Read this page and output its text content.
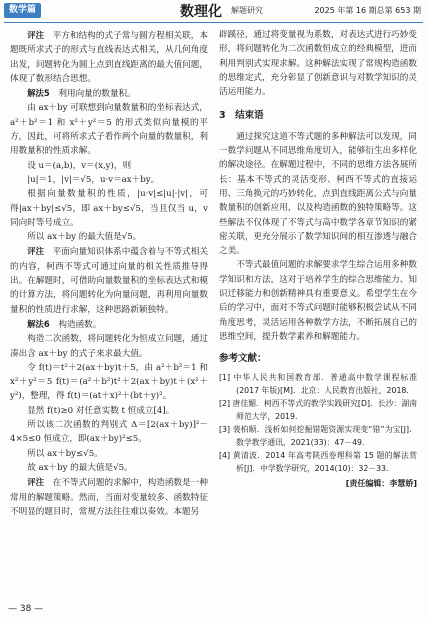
数学篇	数理化 解题研究	2025 年第 16 期总第 653 期

评注　 平方和结构的式子常与圆方程相关联，本题既所求式子的形式与直线表达式相关，从几何角度出发，问题转化为圆上点到直线距离的最大值问题，体现了数形结合思想。

解法5　 利用向量的数量积。

由 ax＋by 可联想到向量数量积的坐标表达式，a²＋b²＝1 和 x²＋y²＝5 的形式类似向量模的平方，因此，可将所求式子看作两个向量的数量积，利用数量积的性质求解。

设 u＝(a,b)，v＝(x,y)，则

|u|＝1，|v|＝√5，u·v＝ax＋by。

根据向量数量积的性质，|u·v|≤|u|·|v|，可得|ax＋by|≤√5，即 ax＋by≤√5，当且仅当 u，v 同向时等号成立。

所以 ax＋by 的最大值是√5。

评注　 平面向量知识体系中蕴含着与不等式相关的内容，柯西不等式可通过向量的相关性质推导得出。在解题时，可借助向量数量积的坐标表达式和模的计算方法，将问题转化为向量问题，再利用向量数量积的性质进行求解，这种思路新颖独特。

解法6　 构造函数。

构造二次函数，将问题转化为恒成立问题，通过凑出含 ax＋by 的式子来求最大值。

令 f(t)＝t²＋2(ax＋by)t＋5，由 a²＋b²＝1 和 x²＋y²＝5 f(t)＝(a²＋b²)t²＋2(ax＋by)t＋(x²＋y²)，整理，得 f(t)＝(at＋x)²＋(bt＋y)²。

显然 f(t)≥0 对任意实数 t 恒成立[4]。

所以该二次函数的判别式 Δ＝[2(ax＋by)]²－4×5≤0 恒成立，即(ax＋by)²≤5。

所以 ax＋by≤√5。

故 ax＋by 的最大值是√5。

评注　 在不等式问题的求解中，构造函数是一种常用的解题策略。然而，当面对变量较多、函数特征不明显的题目时，常规方法往往难以奏效。本题另

辟蹊径，通过将变量视为系数，对表达式进行巧妙变形，将问题转化为二次函数恒成立的经典模型，进而利用判别式实现求解。这种解法实现了常规构造函数的思维定式，充分彰显了创新意识与对数学知识的灵活运用能力。

3　结束语

通过探究这道不等式题的多种解法可以发现，同一数学问题从不同思维角度切入，能够衍生出多样化的解决途径。在解题过程中，不同的思维方法各展所长：基本不等式的灵活变形、柯西不等式的直接运用、三角换元的巧妙转化，点到直线距离公式与向量数量积的创新应用，以及构造函数的独特策略等。这些解法不仅体现了不等式与高中数学各章节知识的紧密关联，更充分展示了数学知识间的相互渗透与融合之美。

不等式最值问题的求解要求学生综合运用多种数学知识和方法，这对于培养学生的综合思维能力、知识迁移能力和创新精神具有重要意义。希望学生在今后的学习中，面对不等式问题时能够积极尝试从不同角度思考，灵活运用各种数学方法，不断拓展自己的思维空间，提升数学素养和解题能力。

参考文献：

[1] 中华人民共和国教育部．普通高中数学课程标准(2017 年版)[M]．北京：人民教育出版社，2018.

[2] 唐佳媚．柯西不等式的教学实践研究[D]．长沙：湖南师范大学，2019.

[3] 裴柏顺．浅析如何挖掘错题资源实现变“错”为宝[J]．数学教学通讯，2021(33)：47－49.

[4] 黄清波．2014 年高考陕西卷理科第 15 题的解法赏析[J]．中学数学研究，2014(10)：32－33.

[责任编辑：李慧娇]

— 38 —
